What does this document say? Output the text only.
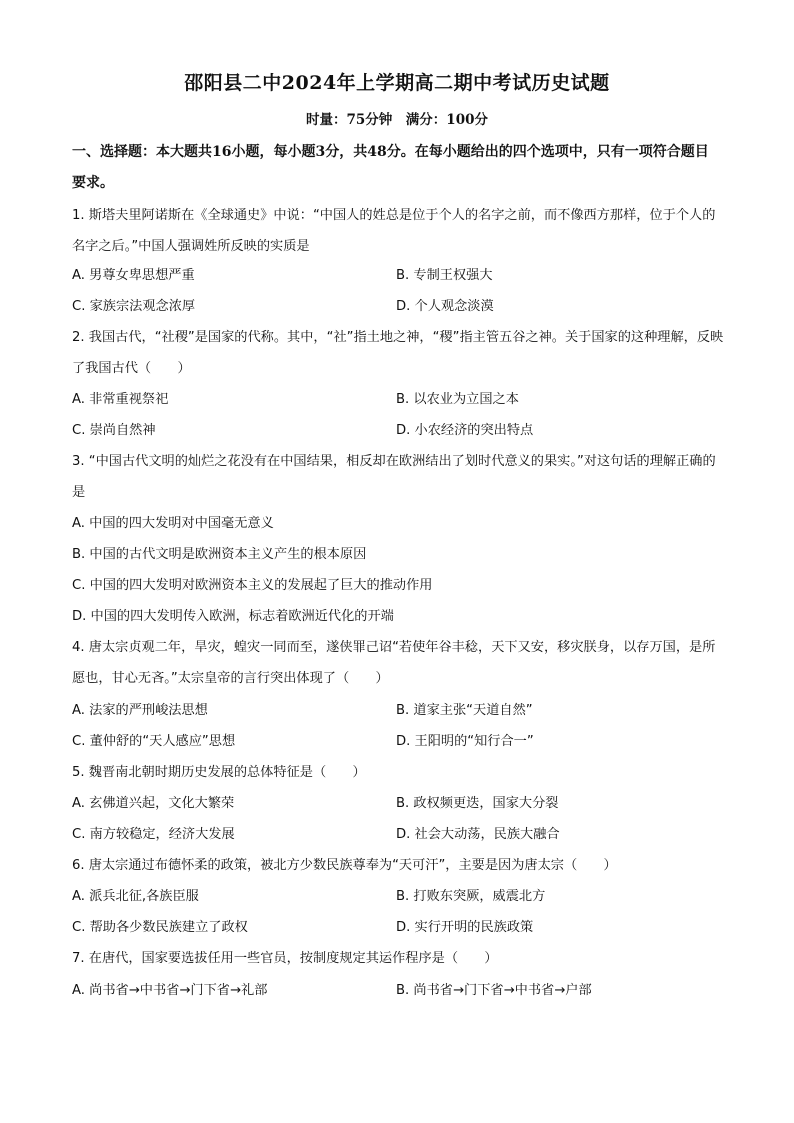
邵阳县二中2024年上学期高二期中考试历史试题
时量：75分钟　满分：100分
一、选择题：本大题共16小题，每小题3分，共48分。在每小题给出的四个选项中，只有一项符合题目要求。
1. 斯塔夫里阿诺斯在《全球通史》中说：“中国人的姓总是位于个人的名字之前，而不像西方那样，位于个人的名字之后。”中国人强调姓所反映的实质是
A. 男尊女卑思想严重	B. 专制王权强大
C. 家族宗法观念浓厚	D. 个人观念淡漠
2. 我国古代，“社稷”是国家的代称。其中，“社”指土地之神，“稷”指主管五谷之神。关于国家的这种理解，反映了我国古代（　　）
A. 非常重视祭祀	B. 以农业为立国之本
C. 崇尚自然神	D. 小农经济的突出特点
3. “中国古代文明的灿烂之花没有在中国结果，相反却在欧洲结出了划时代意义的果实。”对这句话的理解正确的是
A. 中国的四大发明对中国毫无意义
B. 中国的古代文明是欧洲资本主义产生的根本原因
C. 中国的四大发明对欧洲资本主义的发展起了巨大的推动作用
D. 中国的四大发明传入欧洲，标志着欧洲近代化的开端
4. 唐太宗贞观二年，旱灾，蝗灾一同而至，遂侠罪己诏“若使年谷丰稔，天下又安，移灾朕身，以存万国，是所愿也，甘心无吝。”太宗皇帝的言行突出体现了（　　）
A. 法家的严刑峻法思想	B. 道家主张“天道自然”
C. 董仲舒的“天人感应”思想	D. 王阳明的“知行合一”
5. 魏晋南北朝时期历史发展的总体特征是（　　）
A. 玄佛道兴起，文化大繁荣	B. 政权频更迭，国家大分裂
C. 南方较稳定，经济大发展	D. 社会大动荡，民族大融合
6. 唐太宗通过布德怀柔的政策，被北方少数民族尊奉为“天可汗”，主要是因为唐太宗（　　）
A. 派兵北征,各族臣服	B. 打败东突厥，威震北方
C. 帮助各少数民族建立了政权	D. 实行开明的民族政策
7. 在唐代，国家要选拔任用一些官员，按制度规定其运作程序是（　　）
A. 尚书省→中书省→门下省→礼部	B. 尚书省→门下省→中书省→户部
